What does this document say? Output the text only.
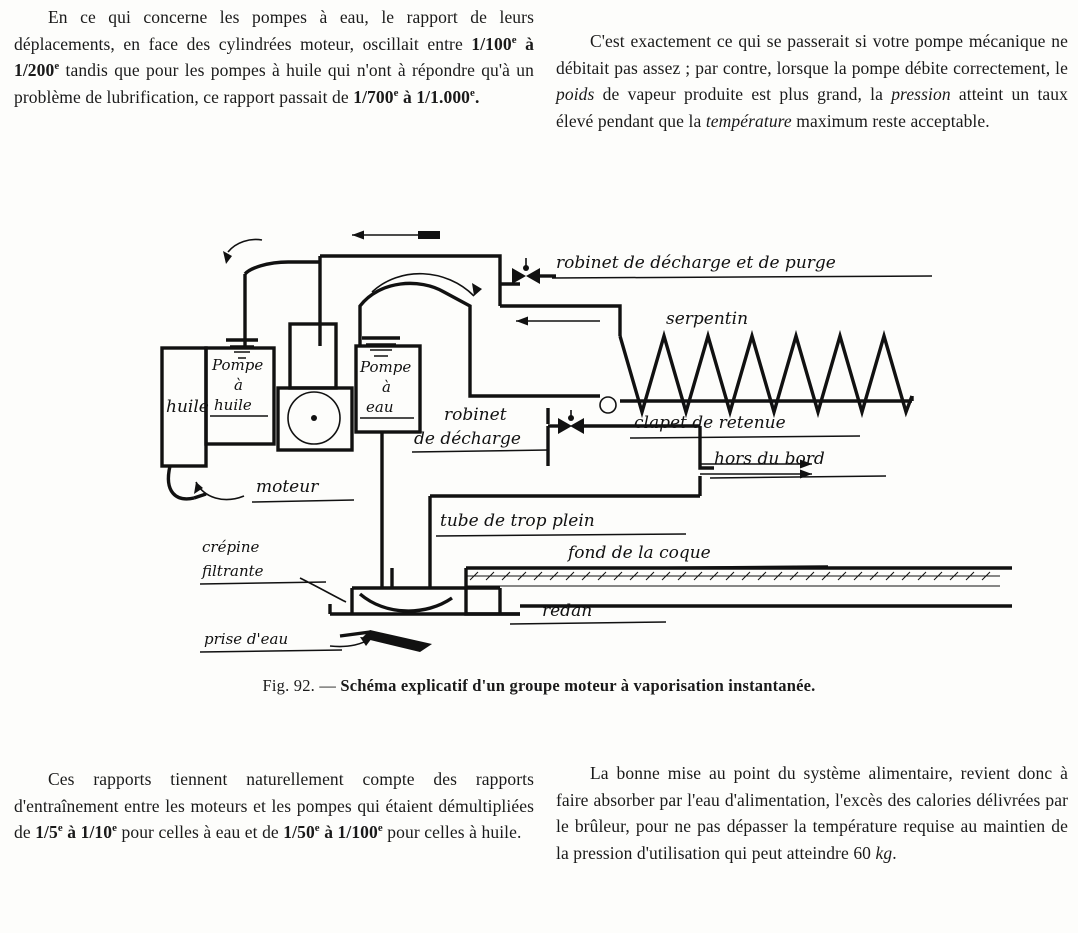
En ce qui concerne les pompes à eau, le rapport de leurs déplacements, en face des cylindrées moteur, oscillait entre 1/100e à 1/200e tandis que pour les pompes à huile qui n'ont à répondre qu'à un problème de lubrification, ce rapport passait de 1/700e à 1/1.000e.

C'est exactement ce qui se passerait si votre pompe mécanique ne débitait pas assez ; par contre, lorsque la pompe débite correctement, le poids de vapeur produite est plus grand, la pression atteint un taux élevé pendant que la température maximum reste acceptable.

robinet de décharge et de purge
serpentin
clapet de retenue
robinet
de décharge
hors du bord
tube de trop plein
fond de la coque
redan
crépine
filtrante
prise d'eau
huile
Pompe
à
huile
moteur
Pompe
à
eau
Fig. 92. — Schéma explicatif d'un groupe moteur à vaporisation instantanée.

Ces rapports tiennent naturellement compte des rapports d'entraînement entre les moteurs et les pompes qui étaient démultipliées de 1/5e à 1/10e pour celles à eau et de 1/50e à 1/100e pour celles à huile.

La bonne mise au point du système alimentaire, revient donc à faire absorber par l'eau d'alimentation, l'excès des calories délivrées par le brûleur, pour ne pas dépasser la température requise au maintien de la pression d'utilisation qui peut atteindre 60 kg.
